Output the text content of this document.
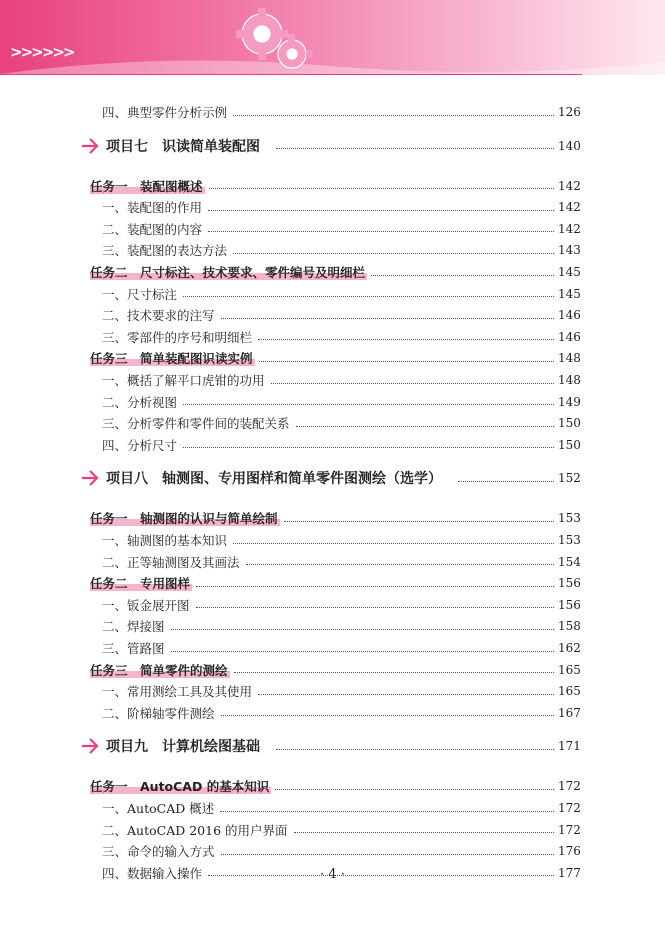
>>>>>>
四、典型零件分析示例	126
项目七　识读简单装配图	140
任务一　装配图概述	142
一、装配图的作用	142
二、装配图的内容	142
三、装配图的表达方法	143
任务二　尺寸标注、技术要求、零件编号及明细栏	145
一、尺寸标注	145
二、技术要求的注写	146
三、零部件的序号和明细栏	146
任务三　简单装配图识读实例	148
一、概括了解平口虎钳的功用	148
二、分析视图	149
三、分析零件和零件间的装配关系	150
四、分析尺寸	150
项目八　轴测图、专用图样和简单零件图测绘（选学）	152
任务一　轴测图的认识与简单绘制	153
一、轴测图的基本知识	153
二、正等轴测图及其画法	154
任务二　专用图样	156
一、钣金展开图	156
二、焊接图	158
三、管路图	162
任务三　简单零件的测绘	165
一、常用测绘工具及其使用	165
二、阶梯轴零件测绘	167
项目九　计算机绘图基础	171
任务一　AutoCAD 的基本知识	172
一、AutoCAD 概述	172
二、AutoCAD 2016 的用户界面	172
三、命令的输入方式	176
四、数据输入操作	177
· 4 ·
